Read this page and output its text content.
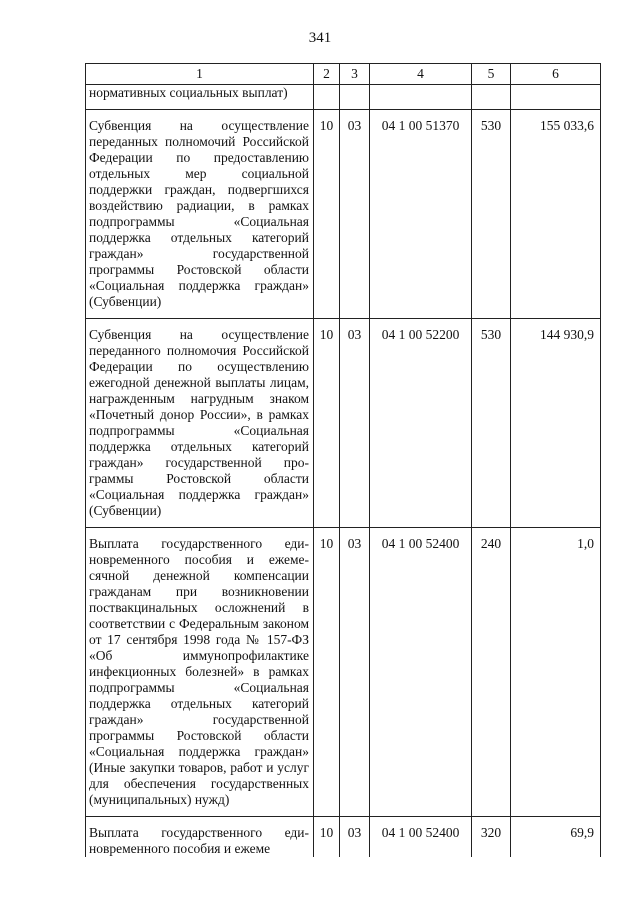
341
1	2	3	4	5	6
нормативных социальных выплат)					
Субвенция на осуществление переданных полномочий Российской Федерации по предоставлению отдельных мер социальной поддержки граждан, подвергшихся воздействию радиации, в рамках подпрограммы «Социальная поддержка отдельных категорий граждан» государственной программы Ростовской области «Социальная поддержка граждан» (Субвенции)	10	03	04 1 00 51370	530	155 033,6
Субвенция на осуществление переданного полномочия Российской Федерации по осуществлению ежегодной денежной выплаты лицам, награжденным нагрудным знаком «Почетный донор России», в рамках подпрограммы «Социальная поддержка отдельных категорий граждан» государственной программы Ростовской области «Социальная поддержка граждан» (Субвенции)	10	03	04 1 00 52200	530	144 930,9
Выплата государственного единовременного пособия и ежемесячной денежной компенсации гражданам при возникновении поствакцинальных осложнений в соответствии с Федеральным законом от 17 сентября 1998 года № 157-ФЗ «Об иммунопрофилактике инфекционных болезней» в рамках подпрограммы «Социальная поддержка отдельных категорий граждан» государственной программы Ростовской области «Социальная поддержка граждан» (Иные закупки товаров, работ и услуг для обеспечения государственных (муниципальных) нужд)	10	03	04 1 00 52400	240	1,0
Выплата государственного единовременного пособия и ежеме	10	03	04 1 00 52400	320	69,9
